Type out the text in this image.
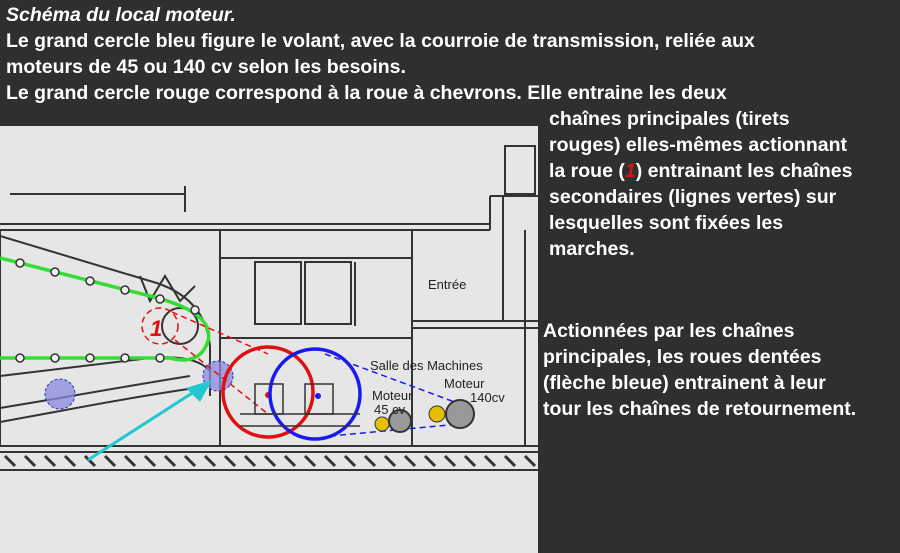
Schéma du local moteur.
Le grand cercle bleu figure le volant, avec la courroie de transmission, reliée aux
moteurs de 45 ou 140 cv selon les besoins.
Le grand cercle rouge correspond à la roue à chevrons. Elle entraine les deux
1
Entrée
Salle des Machines
Moteur
45 cv
Moteur
140cv
chaînes principales (tirets
rouges) elles-mêmes actionnant
la roue (1) entrainant les chaînes
secondaires (lignes vertes) sur
lesquelles sont fixées les
marches.
Actionnées par les chaînes
principales, les roues dentées
(flèche bleue) entrainent à leur
tour les chaînes de retournement.
